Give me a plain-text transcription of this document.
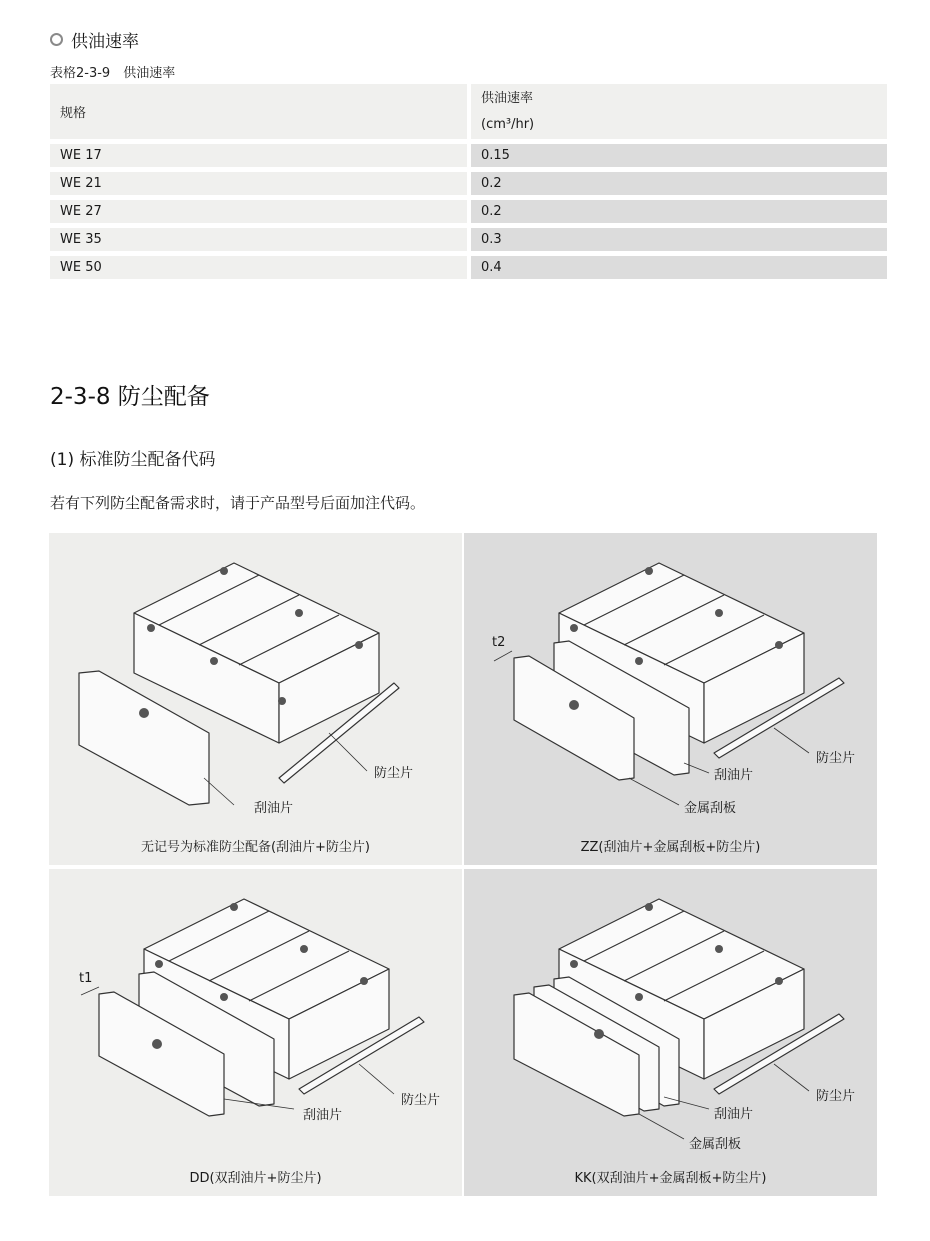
供油速率
表格2-3-9　供油速率
规格	供油速率
(cm³/hr)

WE 17	0.15
WE 21	0.2
WE 27	0.2
WE 35	0.3
WE 50	0.4
2-3-8 防尘配备
(1) 标准防尘配备代码
若有下列防尘配备需求时，请于产品型号后面加注代码。
防尘片
刮油片
无记号为标准防尘配备(刮油片+防尘片)
t2
防尘片
刮油片
金属刮板
ZZ(刮油片+金属刮板+防尘片)
t1
防尘片
刮油片
DD(双刮油片+防尘片)
防尘片
刮油片
金属刮板
KK(双刮油片+金属刮板+防尘片)
